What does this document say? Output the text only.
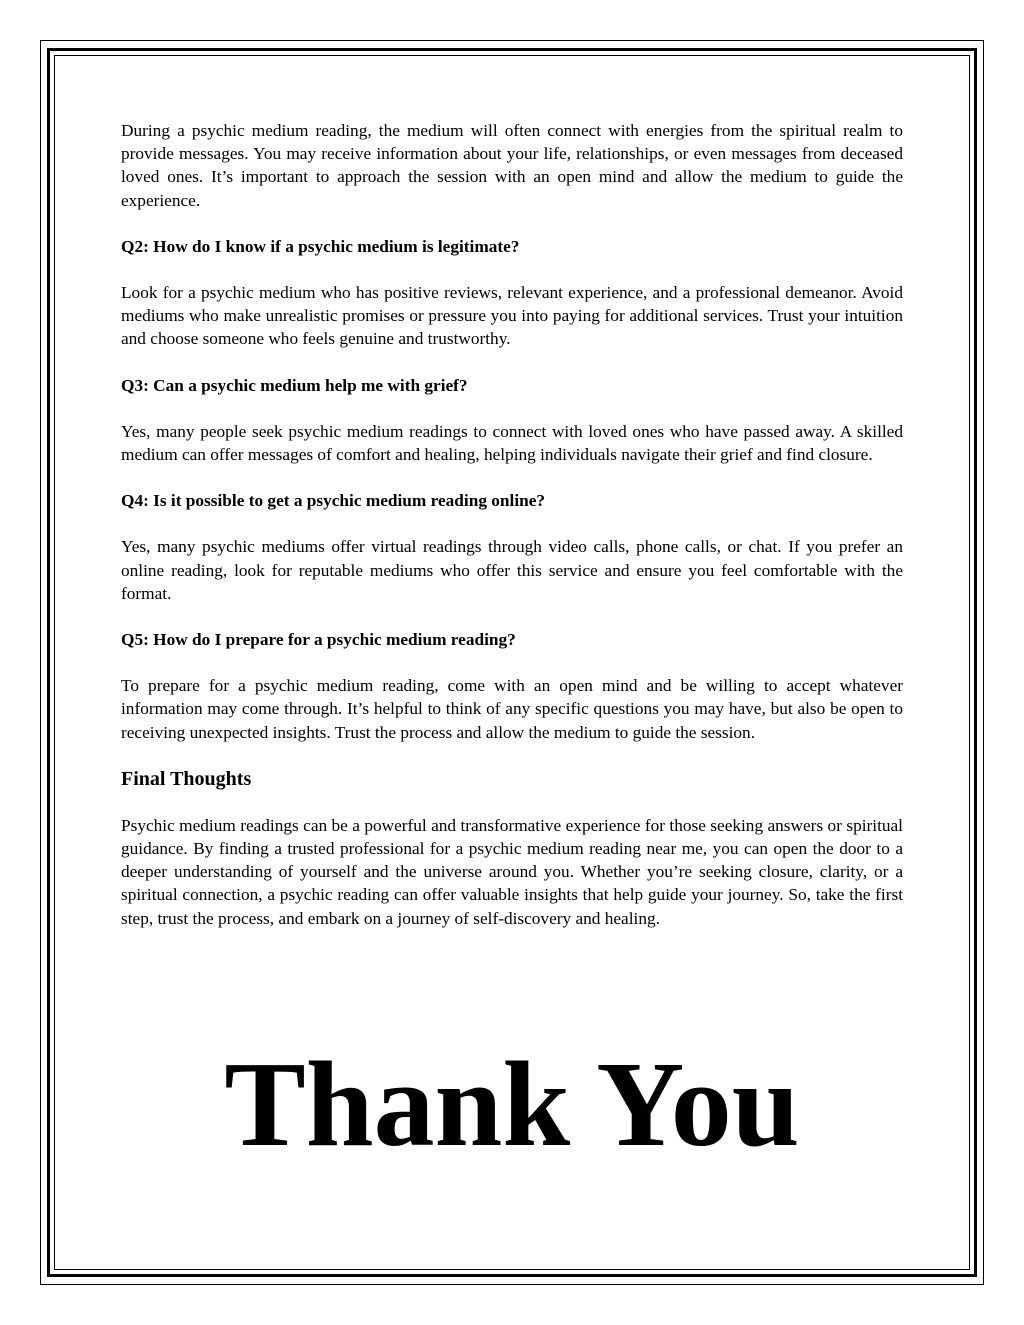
During a psychic medium reading, the medium will often connect with energies from the spiritual realm to provide messages. You may receive information about your life, relationships, or even messages from deceased loved ones. It’s important to approach the session with an open mind and allow the medium to guide the experience.

Q2: How do I know if a psychic medium is legitimate?

Look for a psychic medium who has positive reviews, relevant experience, and a professional demeanor. Avoid mediums who make unrealistic promises or pressure you into paying for additional services. Trust your intuition and choose someone who feels genuine and trustworthy.

Q3: Can a psychic medium help me with grief?

Yes, many people seek psychic medium readings to connect with loved ones who have passed away. A skilled medium can offer messages of comfort and healing, helping individuals navigate their grief and find closure.

Q4: Is it possible to get a psychic medium reading online?

Yes, many psychic mediums offer virtual readings through video calls, phone calls, or chat. If you prefer an online reading, look for reputable mediums who offer this service and ensure you feel comfortable with the format.

Q5: How do I prepare for a psychic medium reading?

To prepare for a psychic medium reading, come with an open mind and be willing to accept whatever information may come through. It’s helpful to think of any specific questions you may have, but also be open to receiving unexpected insights. Trust the process and allow the medium to guide the session.

Final Thoughts

Psychic medium readings can be a powerful and transformative experience for those seeking answers or spiritual guidance. By finding a trusted professional for a psychic medium reading near me, you can open the door to a deeper understanding of yourself and the universe around you. Whether you’re seeking closure, clarity, or a spiritual connection, a psychic reading can offer valuable insights that help guide your journey. So, take the first step, trust the process, and embark on a journey of self-discovery and healing.

Thank You
